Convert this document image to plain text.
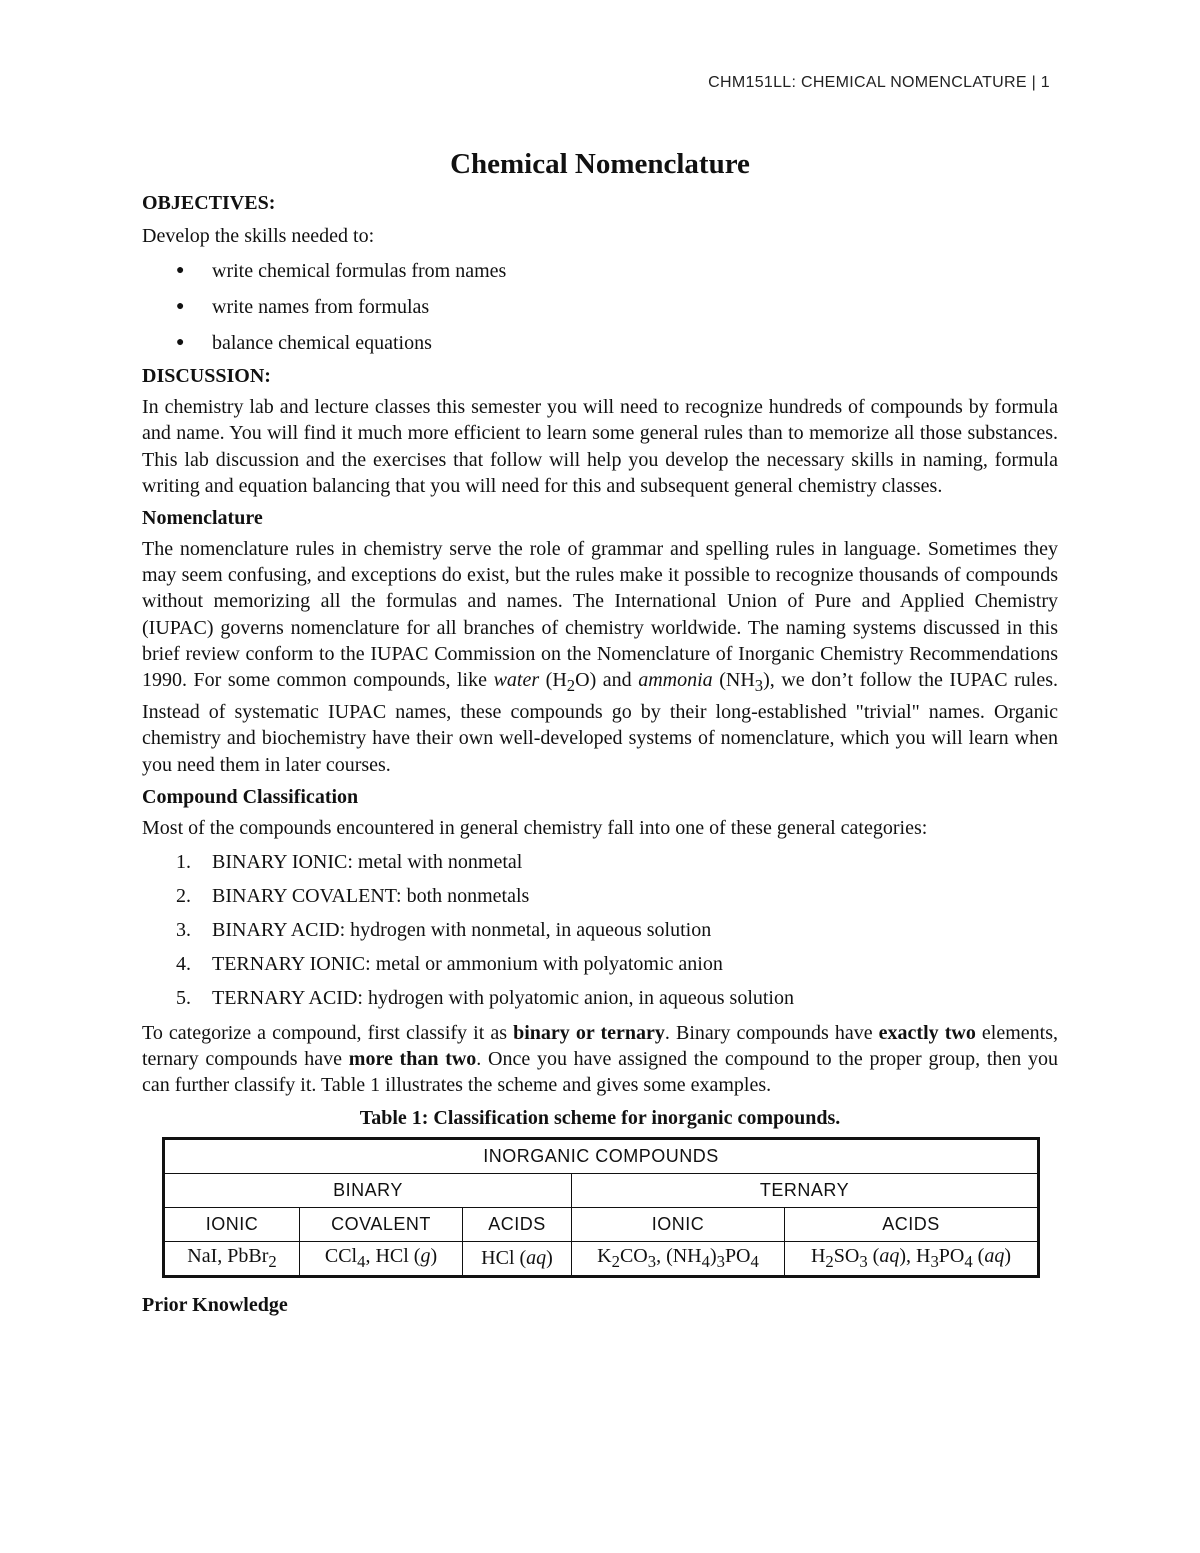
CHM151LL: CHEMICAL NOMENCLATURE | 1
Chemical Nomenclature
OBJECTIVES:

Develop the skills needed to:

● write chemical formulas from names
● write names from formulas
● balance chemical equations
DISCUSSION:

In chemistry lab and lecture classes this semester you will need to recognize hundreds of compounds by formula and name. You will find it much more efficient to learn some general rules than to memorize all those substances. This lab discussion and the exercises that follow will help you develop the necessary skills in naming, formula writing and equation balancing that you will need for this and subsequent general chemistry classes.

Nomenclature

The nomenclature rules in chemistry serve the role of grammar and spelling rules in language. Sometimes they may seem confusing, and exceptions do exist, but the rules make it possible to recognize thousands of compounds without memorizing all the formulas and names. The International Union of Pure and Applied Chemistry (IUPAC) governs nomenclature for all branches of chemistry worldwide. The naming systems discussed in this brief review conform to the IUPAC Commission on the Nomenclature of Inorganic Chemistry Recommendations 1990. For some common compounds, like water $(H_2O)$ and ammonia $(NH_3)$, we don’t follow the IUPAC rules. Instead of systematic IUPAC names, these compounds go by their long-established "trivial" names. Organic chemistry and biochemistry have their own well-developed systems of nomenclature, which you will learn when you need them in later courses.

Compound Classification

Most of the compounds encountered in general chemistry fall into one of these general categories:

1. BINARY IONIC: metal with nonmetal
2. BINARY COVALENT: both nonmetals
3. BINARY ACID: hydrogen with nonmetal, in aqueous solution
4. TERNARY IONIC: metal or ammonium with polyatomic anion
5. TERNARY ACID: hydrogen with polyatomic anion, in aqueous solution

To categorize a compound, first classify it as binary or ternary. Binary compounds have exactly two elements, ternary compounds have more than two. Once you have assigned the compound to the proper group, then you can further classify it. Table 1 illustrates the scheme and gives some examples.

Table 1: Classification scheme for inorganic compounds.
INORGANIC COMPOUNDS				
BINARY			TERNARY	
IONIC	COVALENT	ACIDS	IONIC	ACIDS
NaI, PbBr$_2$	CCl$_4$, HCl (g)	HCl (aq)	$K_2CO_3$, $(NH_4)_3PO_4$	$H_2SO_3$ (aq), $H_3PO_4$ (aq)
Prior Knowledge
